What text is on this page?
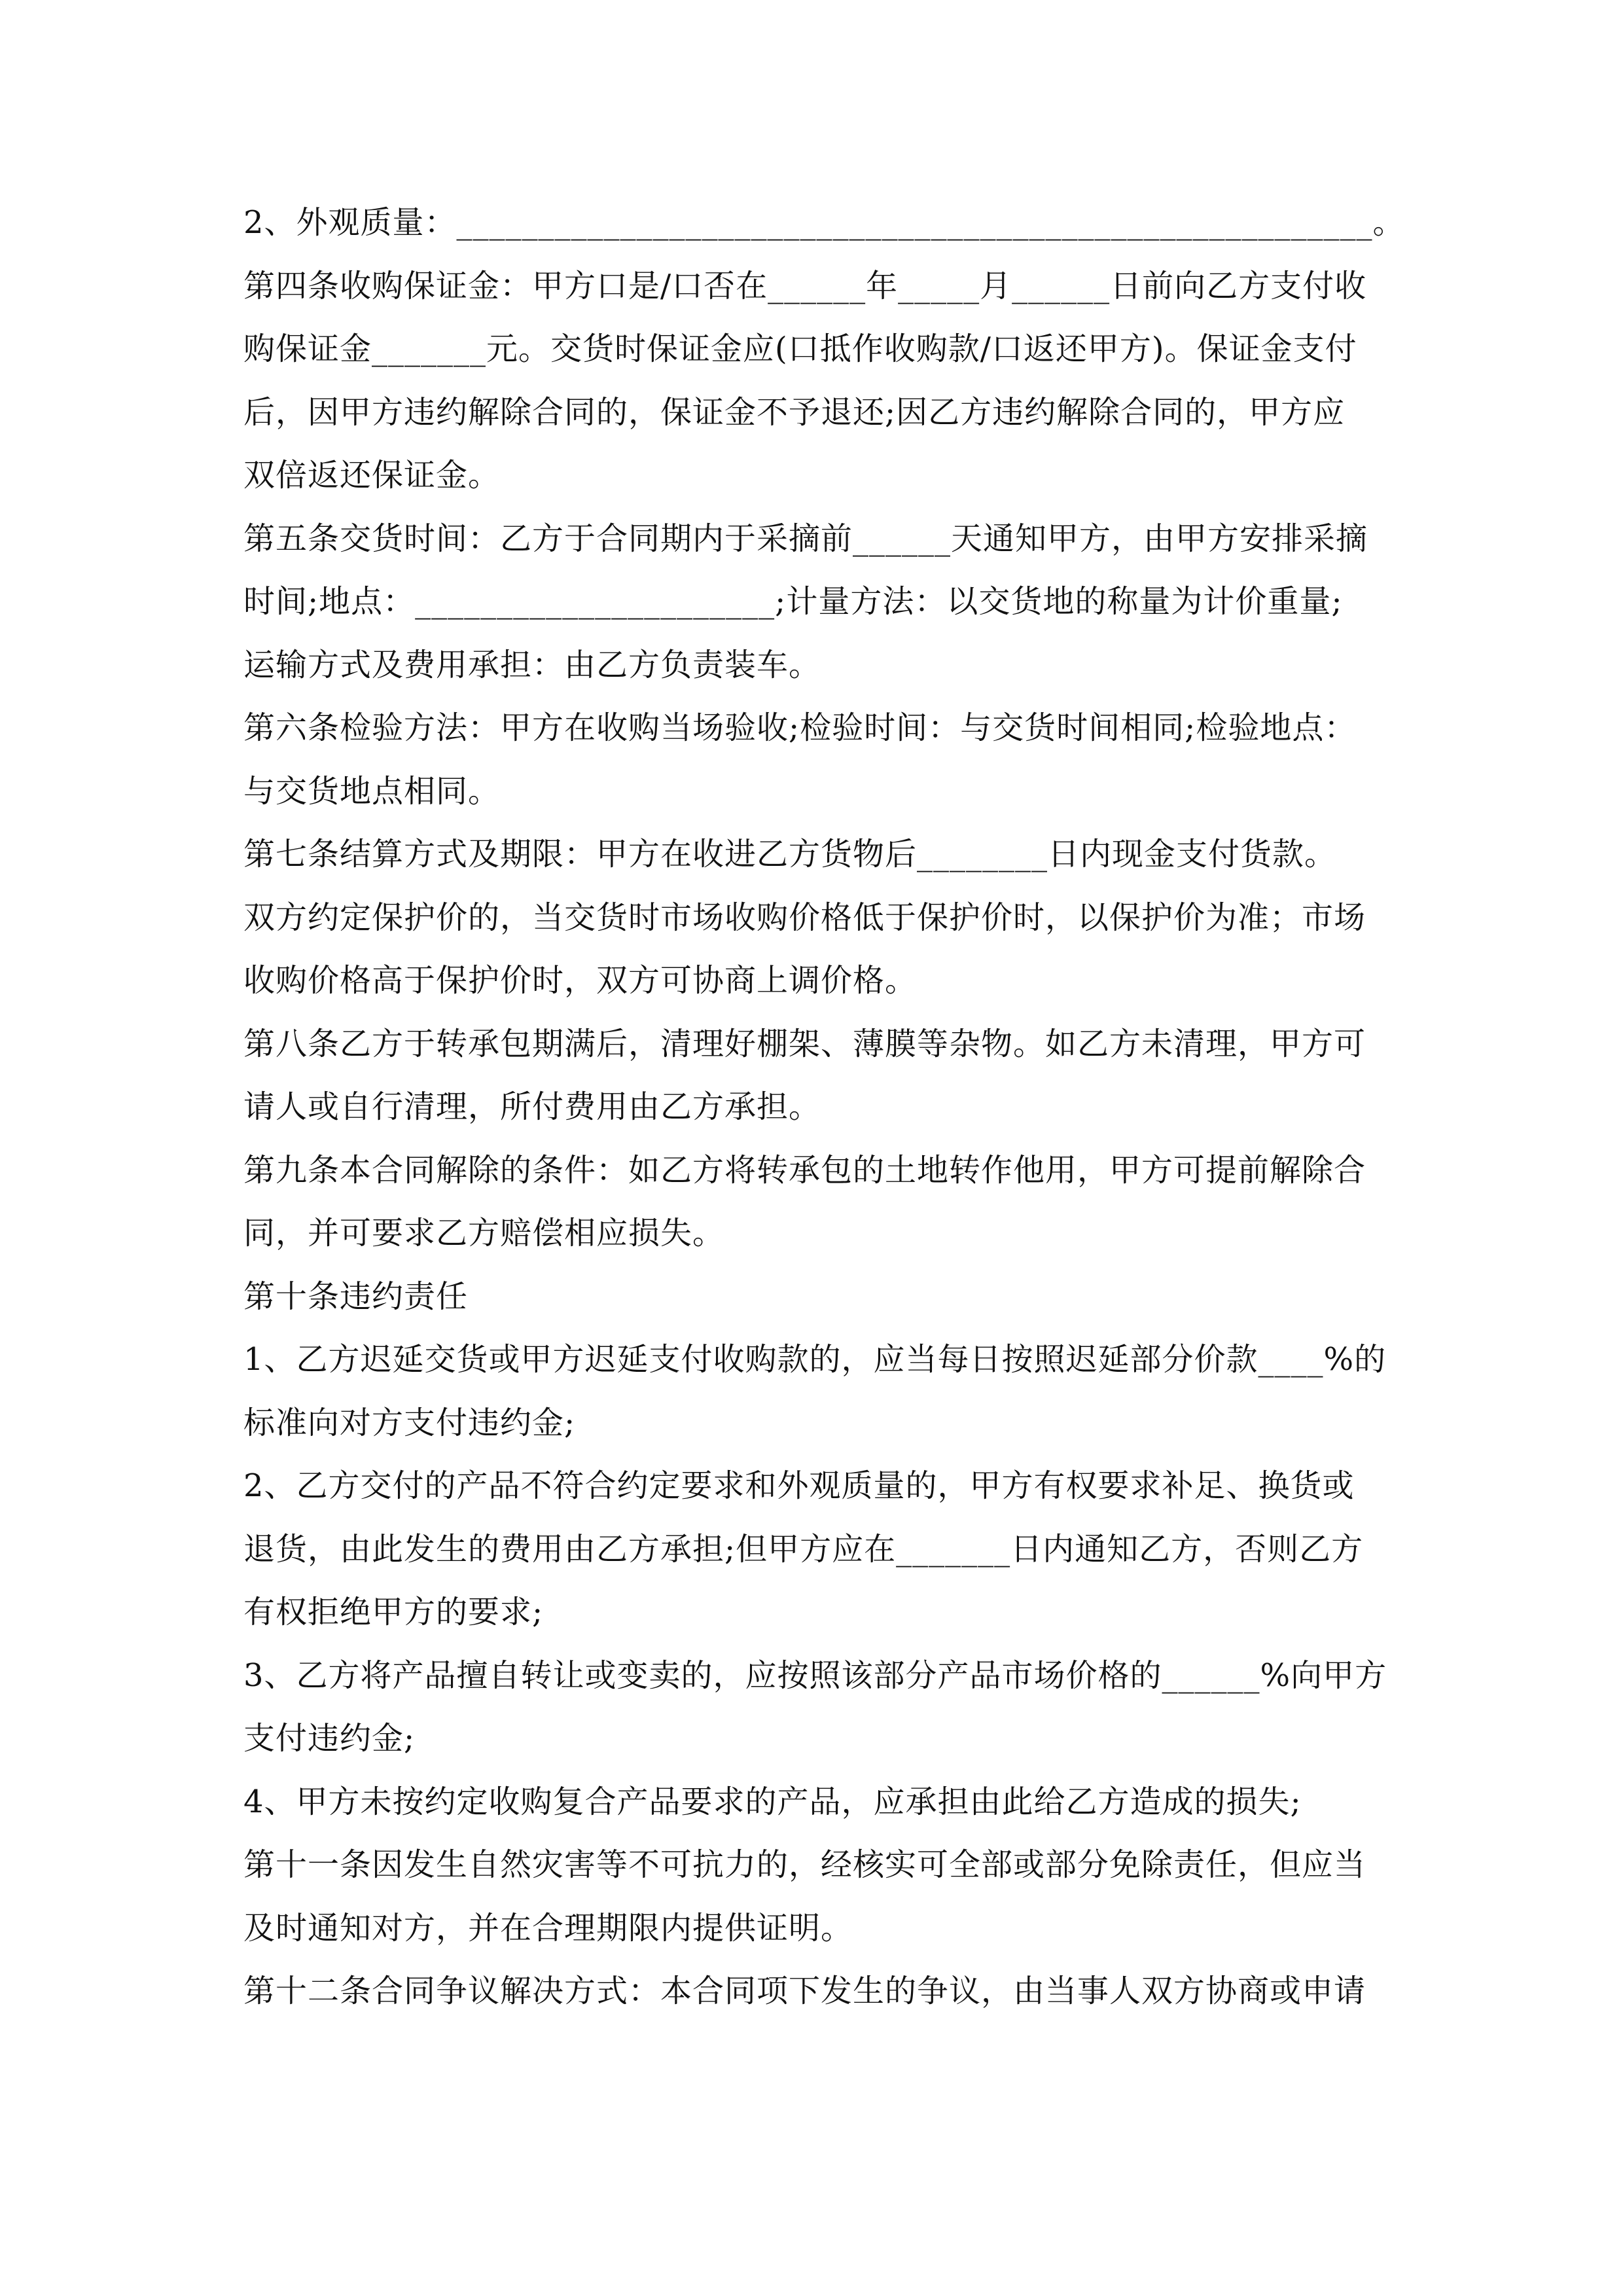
2、外观质量：________________________________________________________。
第四条收购保证金：甲方口是/口否在______年_____月______日前向乙方支付收
购保证金_______元。交货时保证金应(口抵作收购款/口返还甲方)。保证金支付
后，因甲方违约解除合同的，保证金不予退还;因乙方违约解除合同的，甲方应
双倍返还保证金。
第五条交货时间：乙方于合同期内于采摘前______天通知甲方，由甲方安排采摘
时间;地点：______________________;计量方法：以交货地的称量为计价重量;
运输方式及费用承担：由乙方负责装车。
第六条检验方法：甲方在收购当场验收;检验时间：与交货时间相同;检验地点：
与交货地点相同。
第七条结算方式及期限：甲方在收进乙方货物后________日内现金支付货款。
双方约定保护价的，当交货时市场收购价格低于保护价时，以保护价为准；市场
收购价格高于保护价时，双方可协商上调价格。
第八条乙方于转承包期满后，清理好棚架、薄膜等杂物。如乙方未清理，甲方可
请人或自行清理，所付费用由乙方承担。
第九条本合同解除的条件：如乙方将转承包的土地转作他用，甲方可提前解除合
同，并可要求乙方赔偿相应损失。
第十条违约责任
1、乙方迟延交货或甲方迟延支付收购款的，应当每日按照迟延部分价款____%的
标准向对方支付违约金;
2、乙方交付的产品不符合约定要求和外观质量的，甲方有权要求补足、换货或
退货，由此发生的费用由乙方承担;但甲方应在_______日内通知乙方，否则乙方
有权拒绝甲方的要求;
3、乙方将产品擅自转让或变卖的，应按照该部分产品市场价格的______%向甲方
支付违约金;
4、甲方未按约定收购复合产品要求的产品，应承担由此给乙方造成的损失;
第十一条因发生自然灾害等不可抗力的，经核实可全部或部分免除责任，但应当
及时通知对方，并在合理期限内提供证明。
第十二条合同争议解决方式：本合同项下发生的争议，由当事人双方协商或申请
